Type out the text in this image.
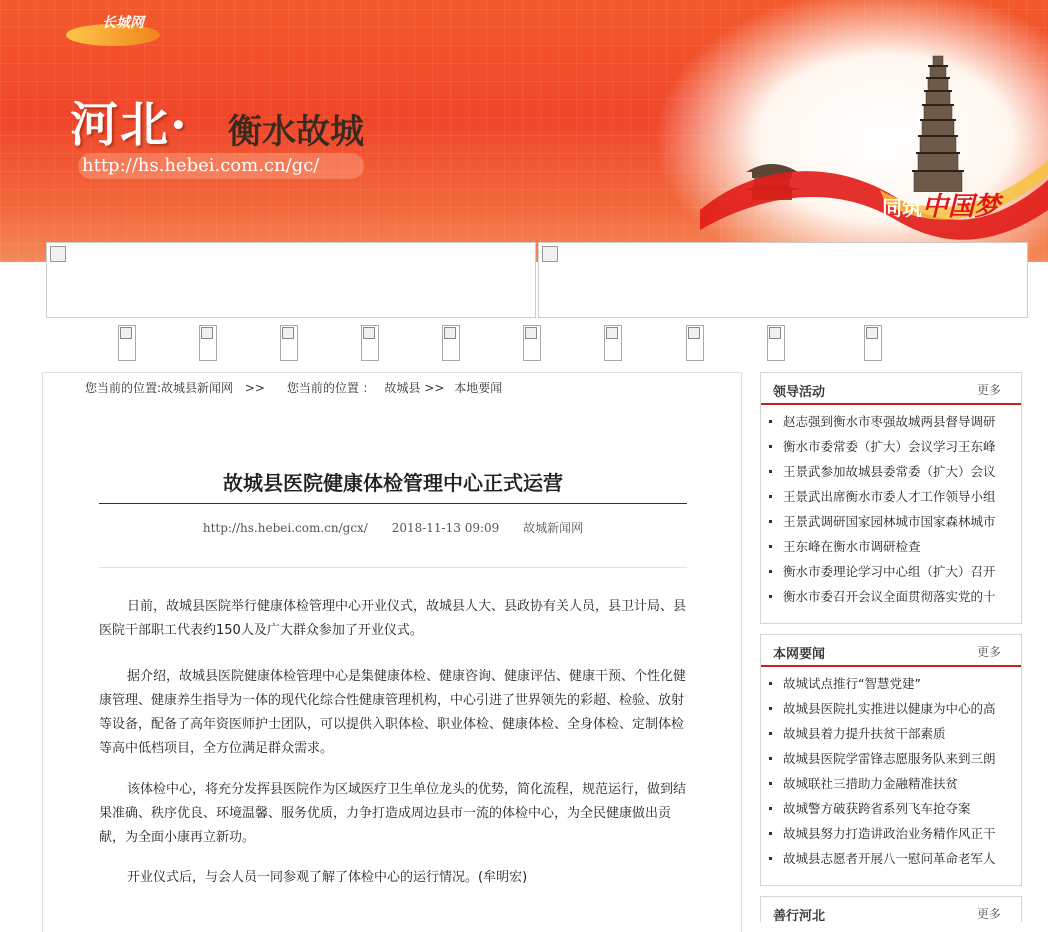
长城网
河北· 衡水故城
http://hs.hebei.com.cn/gc/
同筑中国梦
您当前的位置:故城县新闻网 >> 您当前的位置 ： 故城县 >> 本地要闻
故城县医院健康体检管理中心正式运营
http://hs.hebei.com.cn/gcx/ 2018-11-13 09:09 故城新闻网

日前，故城县医院举行健康体检管理中心开业仪式，故城县人大、县政协有关人员，县卫计局、县医院干部职工代表约150人及广大群众参加了开业仪式。

据介绍，故城县医院健康体检管理中心是集健康体检、健康咨询、健康评估、健康干预、个性化健康管理、健康养生指导为一体的现代化综合性健康管理机构，中心引进了世界领先的彩超、检验、放射等设备，配备了高年资医师护士团队，可以提供入职体检、职业体检、健康体检、全身体检、定制体检等高中低档项目，全方位满足群众需求。

该体检中心，将充分发挥县医院作为区域医疗卫生单位龙头的优势，简化流程，规范运行，做到结果准确、秩序优良、环境温馨、服务优质，力争打造成周边县市一流的体检中心，为全民健康做出贡献，为全面小康再立新功。

开业仪式后，与会人员一同参观了解了体检中心的运行情况。(牟明宏)

领导活动	更多
赵志强到衡水市枣强故城两县督导调研
衡水市委常委（扩大）会议学习王东峰
王景武参加故城县委常委（扩大）会议
王景武出席衡水市委人才工作领导小组
王景武调研国家园林城市国家森林城市
王东峰在衡水市调研检查
衡水市委理论学习中心组（扩大）召开
衡水市委召开会议全面贯彻落实党的十
本网要闻	更多
故城试点推行“智慧党建”
故城县医院扎实推进以健康为中心的高
故城县着力提升扶贫干部素质
故城县医院学雷锋志愿服务队来到三朗
故城联社三措助力金融精准扶贫
故城警方破获跨省系列飞车抢夺案
故城县努力打造讲政治业务精作风正干
故城县志愿者开展八一慰问革命老军人
善行河北	更多
